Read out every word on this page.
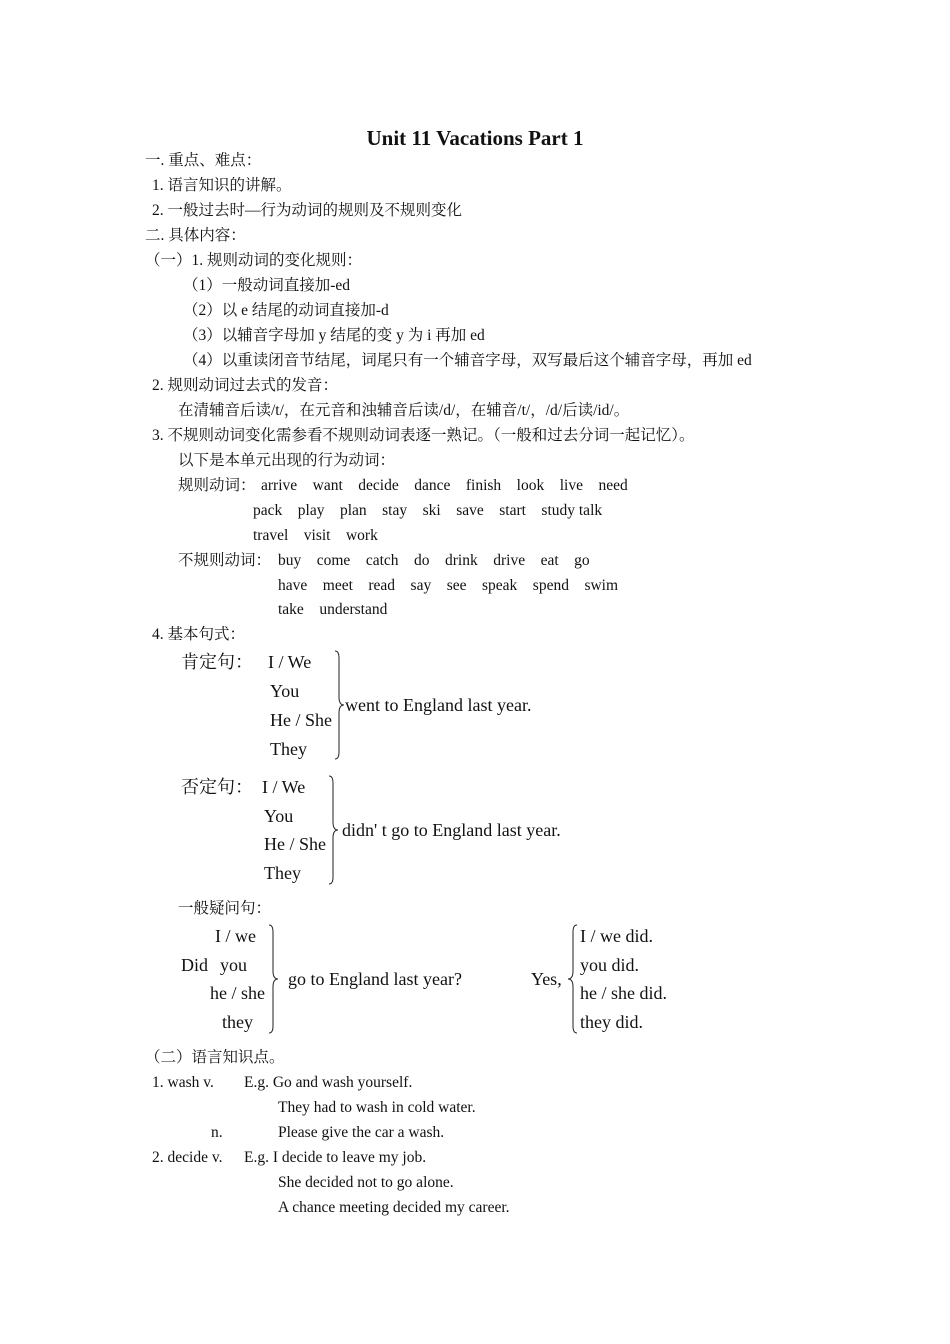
Unit 11 Vacations Part 1
一. 重点、难点：
1. 语言知识的讲解。
2. 一般过去时—行为动词的规则及不规则变化
二. 具体内容：
（一）1. 规则动词的变化规则：
（1）一般动词直接加-ed
（2）以 e 结尾的动词直接加-d
（3）以辅音字母加 y 结尾的变 y 为 i 再加 ed
（4）以重读闭音节结尾，词尾只有一个辅音字母，双写最后这个辅音字母，再加 ed
2. 规则动词过去式的发音：
在清辅音后读/t/，在元音和浊辅音后读/d/，在辅音/t/，/d/后读/id/。
3. 不规则动词变化需参看不规则动词表逐一熟记。（一般和过去分词一起记忆）。
以下是本单元出现的行为动词：
规则动词： arrive    want    decide    dance    finish    look    live    need
pack    play    plan    stay    ski    save    start    study talk
travel    visit    work
不规则动词： buy    come    catch    do    drink    drive    eat    go
have    meet    read    say    see    speak    spend    swim
take    understand
4. 基本句式：
肯定句： I / We
You
He / She
They
went to England last year.
否定句： I / We
You
He / She
They
didn' t go to England last year.
一般疑问句：
I / we
Did you
he / she
they
go to England last year?	Yes,
I / we did.
you did.
he / she did.
they did.
（二）语言知识点。
1. wash v. E.g. Go and wash yourself.
They had to wash in cold water.
n.	Please give the car a wash.
2. decide v. E.g. I decide to leave my job.
She decided not to go alone.
A chance meeting decided my career.
